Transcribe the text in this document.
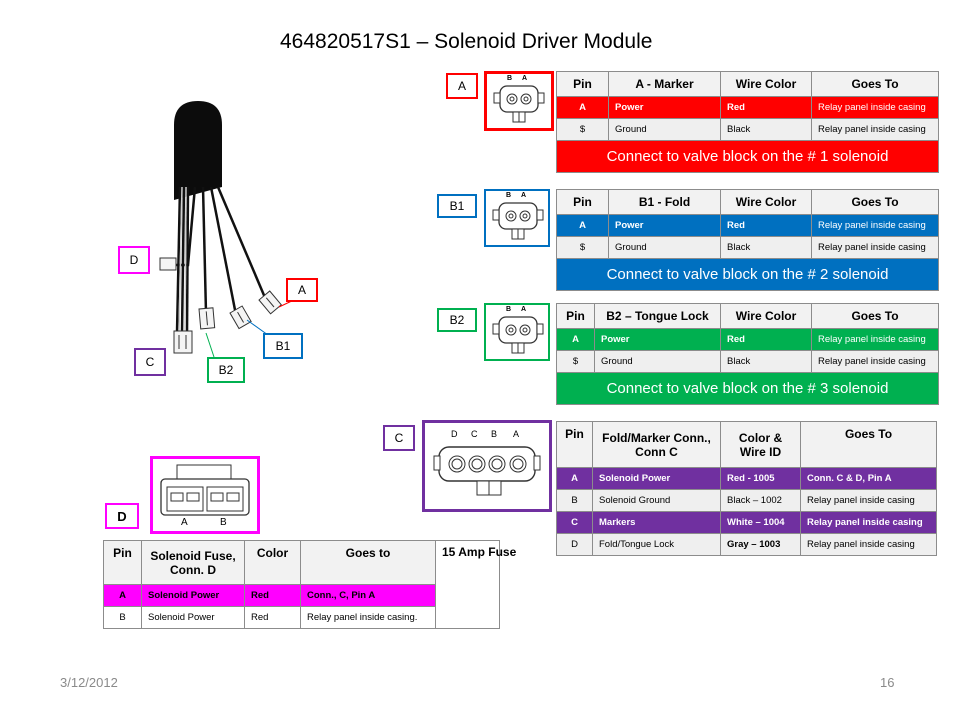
464820517S1 – Solenoid Driver Module
A
B1
B2
C
D
A
B A	Pin	A - Marker	Wire Color	Goes To
A	Power	Red	Relay panel inside casing
$	Ground	Black	Relay panel inside casing
Connect to valve block on the # 1 solenoid			
B1
B A	Pin	B1 - Fold	Wire Color	Goes To
A	Power	Red	Relay panel inside casing
$	Ground	Black	Relay panel inside casing
Connect to valve block on the # 2 solenoid			
B2
B A	Pin	B2 – Tongue Lock	Wire Color	Goes To
A	Power	Red	Relay panel inside casing
$	Ground	Black	Relay panel inside casing
Connect to valve block on the # 3 solenoid			
C	D C B A	Pin	Fold/Marker Conn., Conn C	Color & Wire ID	Goes To
A	Solenoid Power	Red - 1005	Conn. C & D, Pin A
B	Solenoid Ground	Black – 1002	Relay panel inside casing
C	Markers	White – 1004	Relay panel inside casing
D	Fold/Tongue Lock	Gray – 1003	Relay panel inside casing
D	A	B
Pin	Solenoid Fuse, Conn. D	Color	Goes to	15 Amp Fuse
A	Solenoid Power	Red	Conn., C, Pin A	
B	Solenoid Power	Red	Relay panel inside casing.	
3/12/2012	16
